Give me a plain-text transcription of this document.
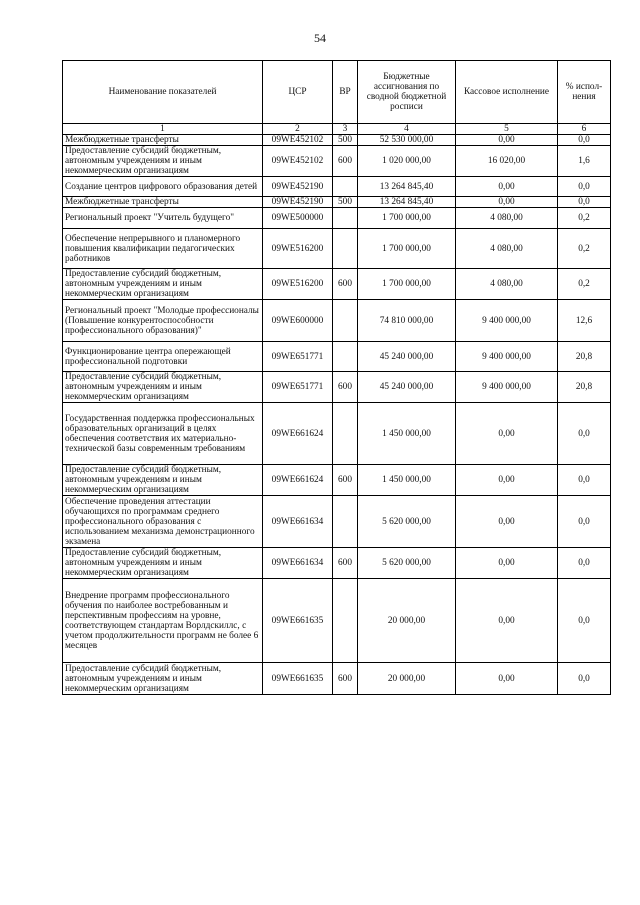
54
Наименование показателей	ЦСР	ВР	Бюджетные ассигнования по сводной бюджетной росписи	Кассовое исполнение	% испол-нения
1	2	3	4	5	6
Межбюджетные трансферты	09WE452102	500	52 530 000,00	0,00	0,0
Предоставление субсидий бюджетным, автономным учреждениям и иным некоммерческим организациям	09WE452102	600	1 020 000,00	16 020,00	1,6
Создание центров цифрового образования детей	09WE452190		13 264 845,40	0,00	0,0
Межбюджетные трансферты	09WE452190	500	13 264 845,40	0,00	0,0
Региональный проект "Учитель будущего"	09WE500000		1 700 000,00	4 080,00	0,2
Обеспечение непрерывного и планомерного повышения квалификации педагогических работников	09WE516200		1 700 000,00	4 080,00	0,2
Предоставление субсидий бюджетным, автономным учреждениям и иным некоммерческим организациям	09WE516200	600	1 700 000,00	4 080,00	0,2
Региональный проект "Молодые профессионалы (Повышение конкурентоспособности профессионального образования)"	09WE600000		74 810 000,00	9 400 000,00	12,6
Функционирование центра опережающей профессиональной подготовки	09WE651771		45 240 000,00	9 400 000,00	20,8
Предоставление субсидий бюджетным, автономным учреждениям и иным некоммерческим организациям	09WE651771	600	45 240 000,00	9 400 000,00	20,8
Государственная поддержка профессиональных образовательных организаций в целях обеспечения соответствия их материально-технической базы современным требованиям	09WE661624		1 450 000,00	0,00	0,0
Предоставление субсидий бюджетным, автономным учреждениям и иным некоммерческим организациям	09WE661624	600	1 450 000,00	0,00	0,0
Обеспечение проведения аттестации обучающихся по программам среднего профессионального образования с использованием механизма демонстрационного экзамена	09WE661634		5 620 000,00	0,00	0,0
Предоставление субсидий бюджетным, автономным учреждениям и иным некоммерческим организациям	09WE661634	600	5 620 000,00	0,00	0,0
Внедрение программ профессионального обучения по наиболее востребованным и перспективным профессиям на уровне, соответствующем стандартам Ворлдскиллс, с учетом продолжительности программ не более 6 месяцев	09WE661635		20 000,00	0,00	0,0
Предоставление субсидий бюджетным, автономным учреждениям и иным некоммерческим организациям	09WE661635	600	20 000,00	0,00	0,0
